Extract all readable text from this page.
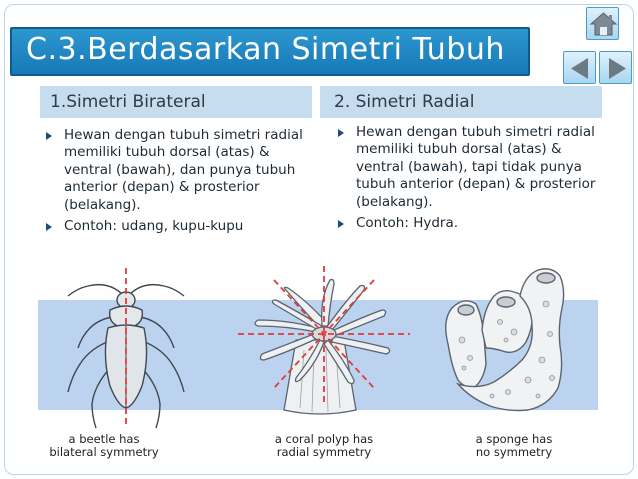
C.3.Berdasarkan Simetri Tubuh
1.Simetri Birateral	2. Simetri Radial
Hewan dengan tubuh simetri radial memiliki tubuh dorsal (atas) & ventral (bawah), dan punya tubuh anterior (depan) & prosterior (belakang).
Contoh: udang, kupu-kupu
Hewan dengan tubuh simetri radial memiliki tubuh dorsal (atas) & ventral (bawah), tapi tidak punya tubuh anterior (depan) & prosterior (belakang).
Contoh: Hydra.
a beetle has
bilateral symmetry
a coral polyp has
radial symmetry
a sponge has
no symmetry
